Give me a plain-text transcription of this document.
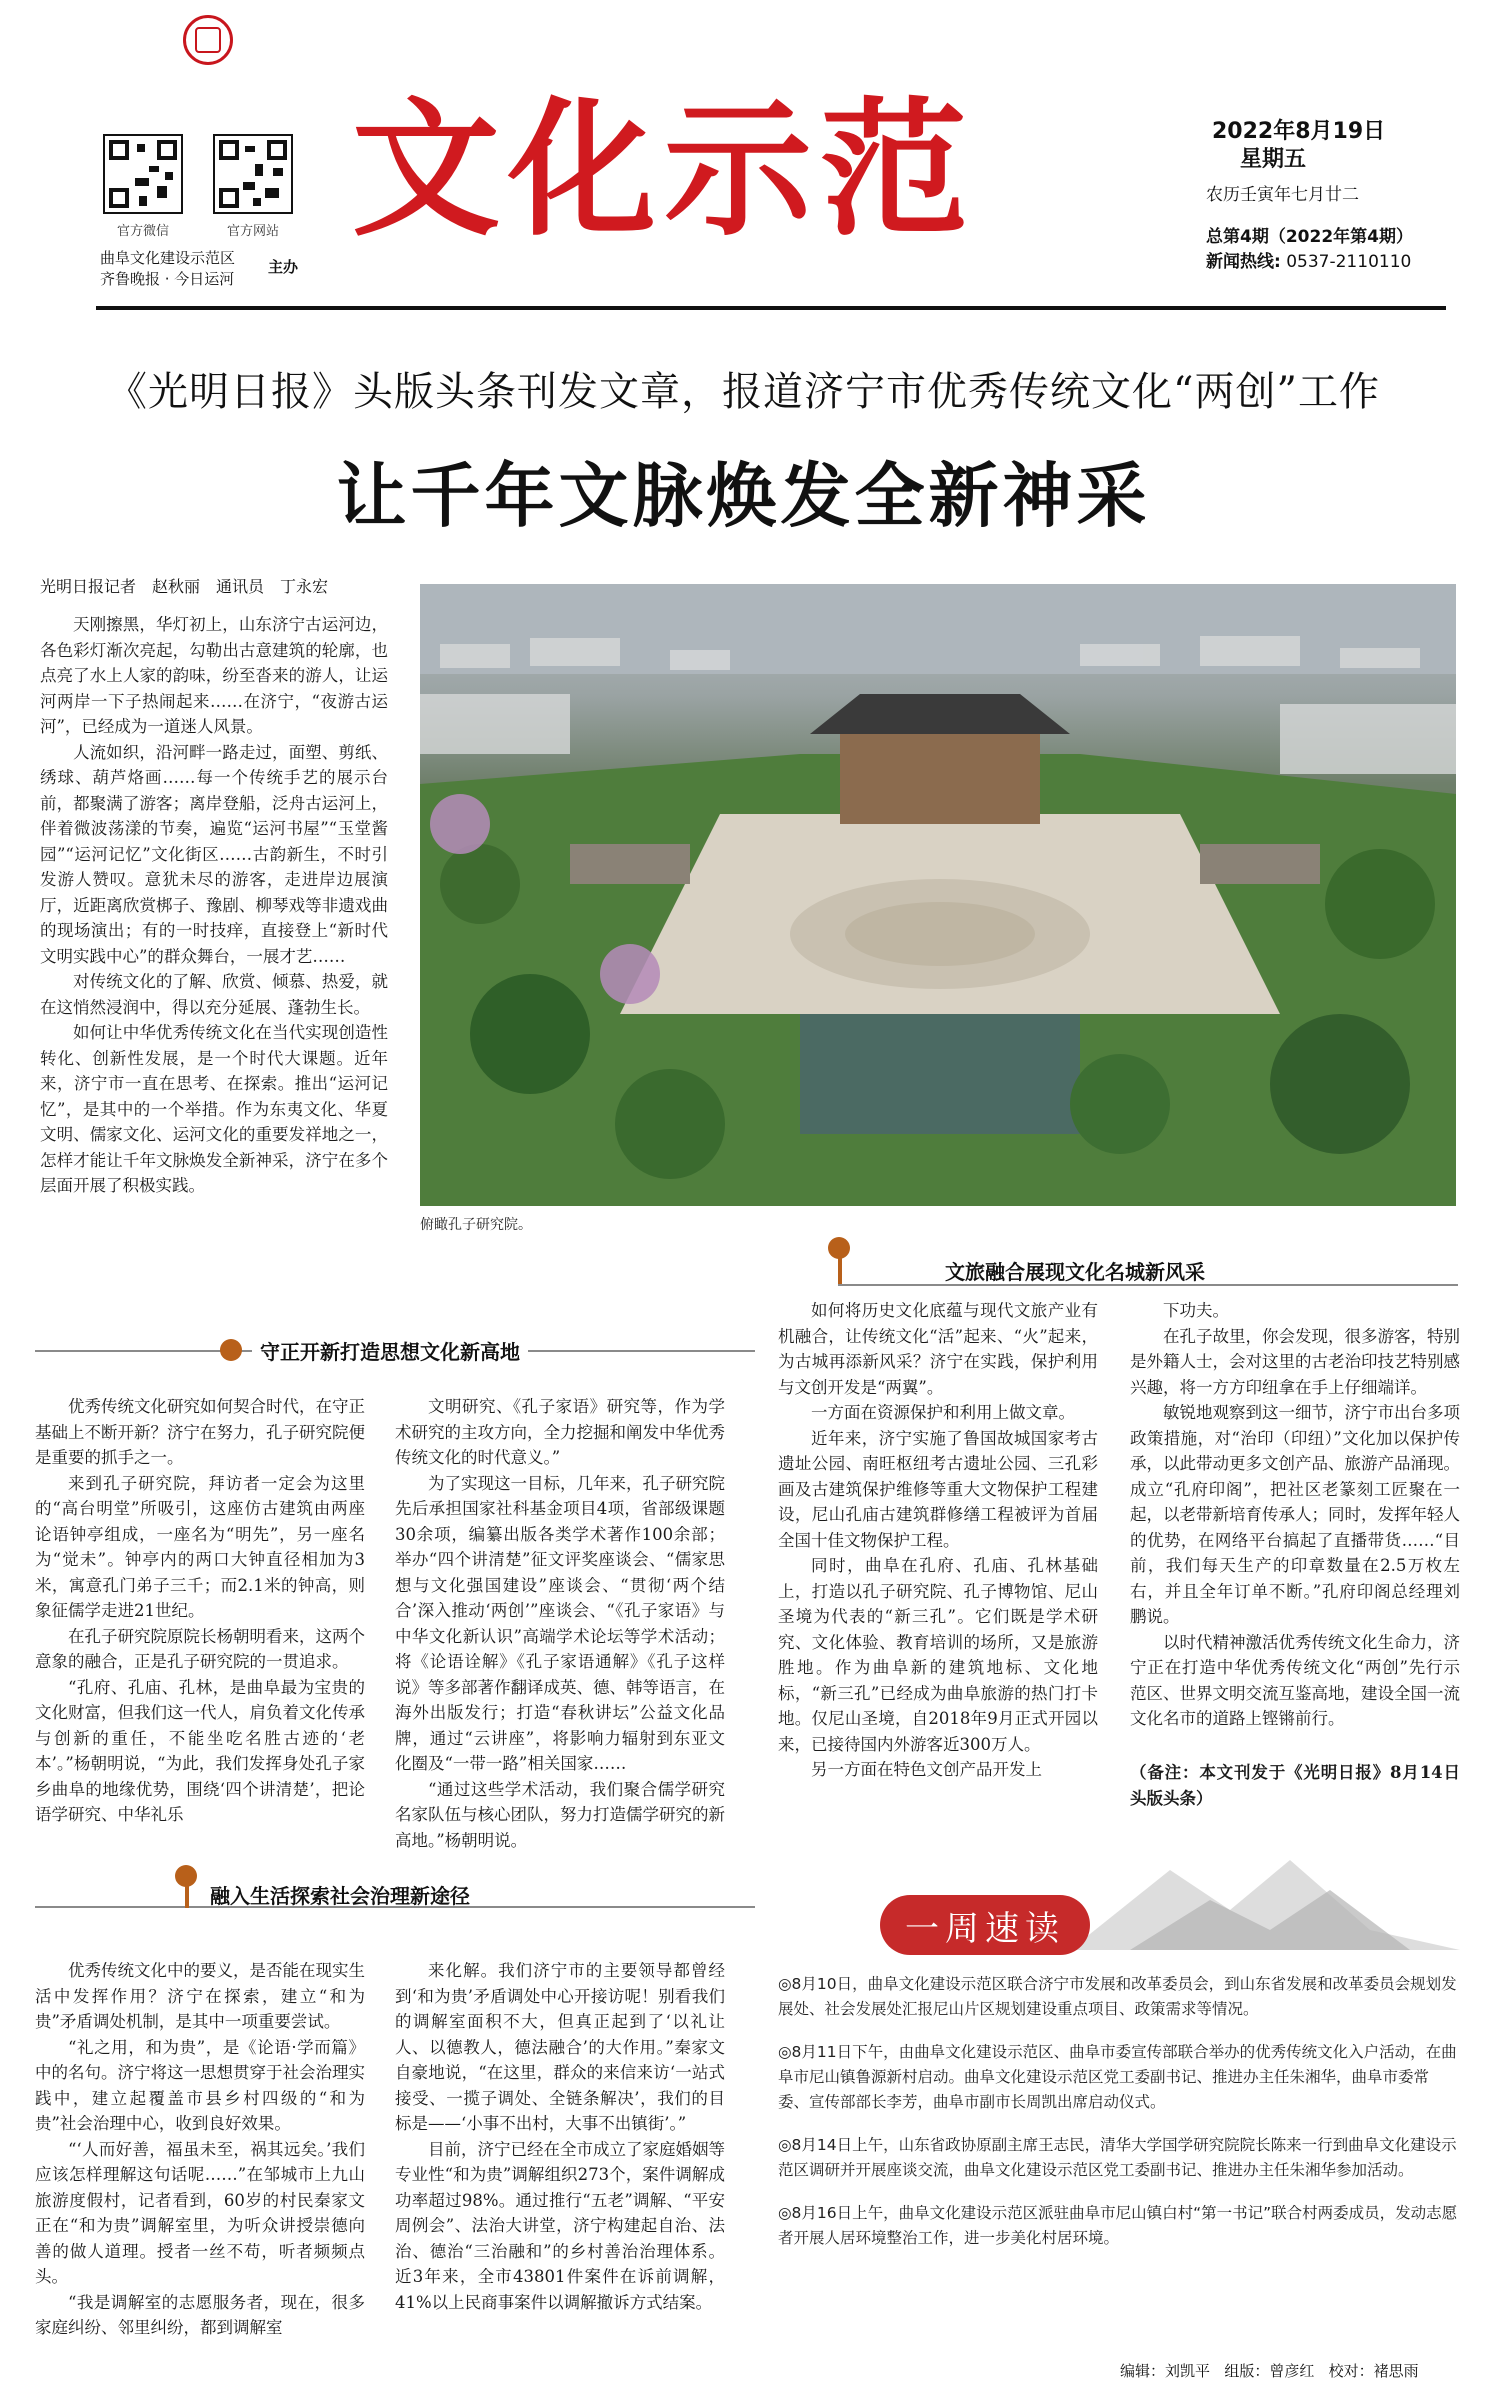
官方微信	官方网站
曲阜文化建设示范区
齐鲁晚报 · 今日运河
主办
文化示范	2022年8月19日
星期五
农历壬寅年七月廿二
总第4期（2022年第4期）
新闻热线: 0537-2110110
《光明日报》头版头条刊发文章，报道济宁市优秀传统文化“两创”工作
让千年文脉焕发全新神采
光明日报记者　赵秋丽　通讯员　丁永宏

天刚擦黑，华灯初上，山东济宁古运河边，各色彩灯渐次亮起，勾勒出古意建筑的轮廓，也点亮了水上人家的韵味，纷至沓来的游人，让运河两岸一下子热闹起来……在济宁，“夜游古运河”，已经成为一道迷人风景。

人流如织，沿河畔一路走过，面塑、剪纸、绣球、葫芦烙画……每一个传统手艺的展示台前，都聚满了游客；离岸登船，泛舟古运河上，伴着微波荡漾的节奏，遍览“运河书屋”“玉堂酱园”“运河记忆”文化街区……古韵新生，不时引发游人赞叹。意犹未尽的游客，走进岸边展演厅，近距离欣赏梆子、豫剧、柳琴戏等非遗戏曲的现场演出；有的一时技痒，直接登上“新时代文明实践中心”的群众舞台，一展才艺……

对传统文化的了解、欣赏、倾慕、热爱，就在这悄然浸润中，得以充分延展、蓬勃生长。

如何让中华优秀传统文化在当代实现创造性转化、创新性发展，是一个时代大课题。近年来，济宁市一直在思考、在探索。推出“运河记忆”，是其中的一个举措。作为东夷文化、华夏文明、儒家文化、运河文化的重要发祥地之一，怎样才能让千年文脉焕发全新神采，济宁在多个层面开展了积极实践。

俯瞰孔子研究院。
文旅融合展现文化名城新风采

如何将历史文化底蕴与现代文旅产业有机融合，让传统文化“活”起来、“火”起来，为古城再添新风采？济宁在实践，保护利用与文创开发是“两翼”。

一方面在资源保护和利用上做文章。

近年来，济宁实施了鲁国故城国家考古遗址公园、南旺枢纽考古遗址公园、三孔彩画及古建筑保护维修等重大文物保护工程建设，尼山孔庙古建筑群修缮工程被评为首届全国十佳文物保护工程。

同时，曲阜在孔府、孔庙、孔林基础上，打造以孔子研究院、孔子博物馆、尼山圣境为代表的“新三孔”。它们既是学术研究、文化体验、教育培训的场所，又是旅游胜地。作为曲阜新的建筑地标、文化地标，“新三孔”已经成为曲阜旅游的热门打卡地。仅尼山圣境，自2018年9月正式开园以来，已接待国内外游客近300万人。

另一方面在特色文创产品开发上

下功夫。

在孔子故里，你会发现，很多游客，特别是外籍人士，会对这里的古老治印技艺特别感兴趣，将一方方印纽拿在手上仔细端详。

敏锐地观察到这一细节，济宁市出台多项政策措施，对“治印（印纽）”文化加以保护传承，以此带动更多文创产品、旅游产品涌现。成立“孔府印阁”，把社区老篆刻工匠聚在一起，以老带新培育传承人；同时，发挥年轻人的优势，在网络平台搞起了直播带货……“目前，我们每天生产的印章数量在2.5万枚左右，并且全年订单不断。”孔府印阁总经理刘鹏说。

以时代精神激活优秀传统文化生命力，济宁正在打造中华优秀传统文化“两创”先行示范区、世界文明交流互鉴高地，建设全国一流文化名市的道路上铿锵前行。

（备注：本文刊发于《光明日报》8月14日头版头条）
守正开新打造思想文化新高地

优秀传统文化研究如何契合时代，在守正基础上不断开新？济宁在努力，孔子研究院便是重要的抓手之一。

来到孔子研究院，拜访者一定会为这里的“高台明堂”所吸引，这座仿古建筑由两座论语钟亭组成，一座名为“明先”，另一座名为“觉未”。钟亭内的两口大钟直径相加为3米，寓意孔门弟子三千；而2.1米的钟高，则象征儒学走进21世纪。

在孔子研究院原院长杨朝明看来，这两个意象的融合，正是孔子研究院的一贯追求。

“孔府、孔庙、孔林，是曲阜最为宝贵的文化财富，但我们这一代人，肩负着文化传承与创新的重任，不能坐吃名胜古迹的‘老本’。”杨朝明说，“为此，我们发挥身处孔子家乡曲阜的地缘优势，围绕‘四个讲清楚’，把论语学研究、中华礼乐

文明研究、《孔子家语》研究等，作为学术研究的主攻方向，全力挖掘和阐发中华优秀传统文化的时代意义。”

为了实现这一目标，几年来，孔子研究院先后承担国家社科基金项目4项，省部级课题30余项，编纂出版各类学术著作100余部；举办“四个讲清楚”征文评奖座谈会、“儒家思想与文化强国建设”座谈会、“贯彻‘两个结合’深入推动‘两创’”座谈会、“《孔子家语》与中华文化新认识”高端学术论坛等学术活动；将《论语诠解》《孔子家语通解》《孔子这样说》等多部著作翻译成英、德、韩等语言，在海外出版发行；打造“春秋讲坛”公益文化品牌，通过“云讲座”，将影响力辐射到东亚文化圈及“一带一路”相关国家……

“通过这些学术活动，我们聚合儒学研究名家队伍与核心团队，努力打造儒学研究的新高地。”杨朝明说。

融入生活探索社会治理新途径

优秀传统文化中的要义，是否能在现实生活中发挥作用？济宁在探索，建立“和为贵”矛盾调处机制，是其中一项重要尝试。

“礼之用，和为贵”，是《论语·学而篇》中的名句。济宁将这一思想贯穿于社会治理实践中，建立起覆盖市县乡村四级的“和为贵”社会治理中心，收到良好效果。

“‘人而好善，福虽未至，祸其远矣。’我们应该怎样理解这句话呢……”在邹城市上九山旅游度假村，记者看到，60岁的村民秦家文正在“和为贵”调解室里，为听众讲授崇德向善的做人道理。授者一丝不苟，听者频频点头。

“我是调解室的志愿服务者，现在，很多家庭纠纷、邻里纠纷，都到调解室

来化解。我们济宁市的主要领导都曾经到‘和为贵’矛盾调处中心开接访呢！别看我们的调解室面积不大，但真正起到了‘以礼让人、以德教人，德法融合’的大作用。”秦家文自豪地说，“在这里，群众的来信来访‘一站式接受、一揽子调处、全链条解决’，我们的目标是——‘小事不出村，大事不出镇街’。”

目前，济宁已经在全市成立了家庭婚姻等专业性“和为贵”调解组织273个，案件调解成功率超过98%。通过推行“五老”调解、“平安周例会”、法治大讲堂，济宁构建起自治、法治、德治“三治融和”的乡村善治治理体系。近3年来，全市43801件案件在诉前调解，41%以上民商事案件以调解撤诉方式结案。

一周速读
◎8月10日，曲阜文化建设示范区联合济宁市发展和改革委员会，到山东省发展和改革委员会规划发展处、社会发展处汇报尼山片区规划建设重点项目、政策需求等情况。
◎8月11日下午，由曲阜文化建设示范区、曲阜市委宣传部联合举办的优秀传统文化入户活动，在曲阜市尼山镇鲁源新村启动。曲阜文化建设示范区党工委副书记、推进办主任朱湘华，曲阜市委常委、宣传部部长李芳，曲阜市副市长周凯出席启动仪式。
◎8月14日上午，山东省政协原副主席王志民，清华大学国学研究院院长陈来一行到曲阜文化建设示范区调研并开展座谈交流，曲阜文化建设示范区党工委副书记、推进办主任朱湘华参加活动。
◎8月16日上午，曲阜文化建设示范区派驻曲阜市尼山镇白村“第一书记”联合村两委成员，发动志愿者开展人居环境整治工作，进一步美化村居环境。
编辑：刘凯平 组版：曾彦红 校对：褚思雨
